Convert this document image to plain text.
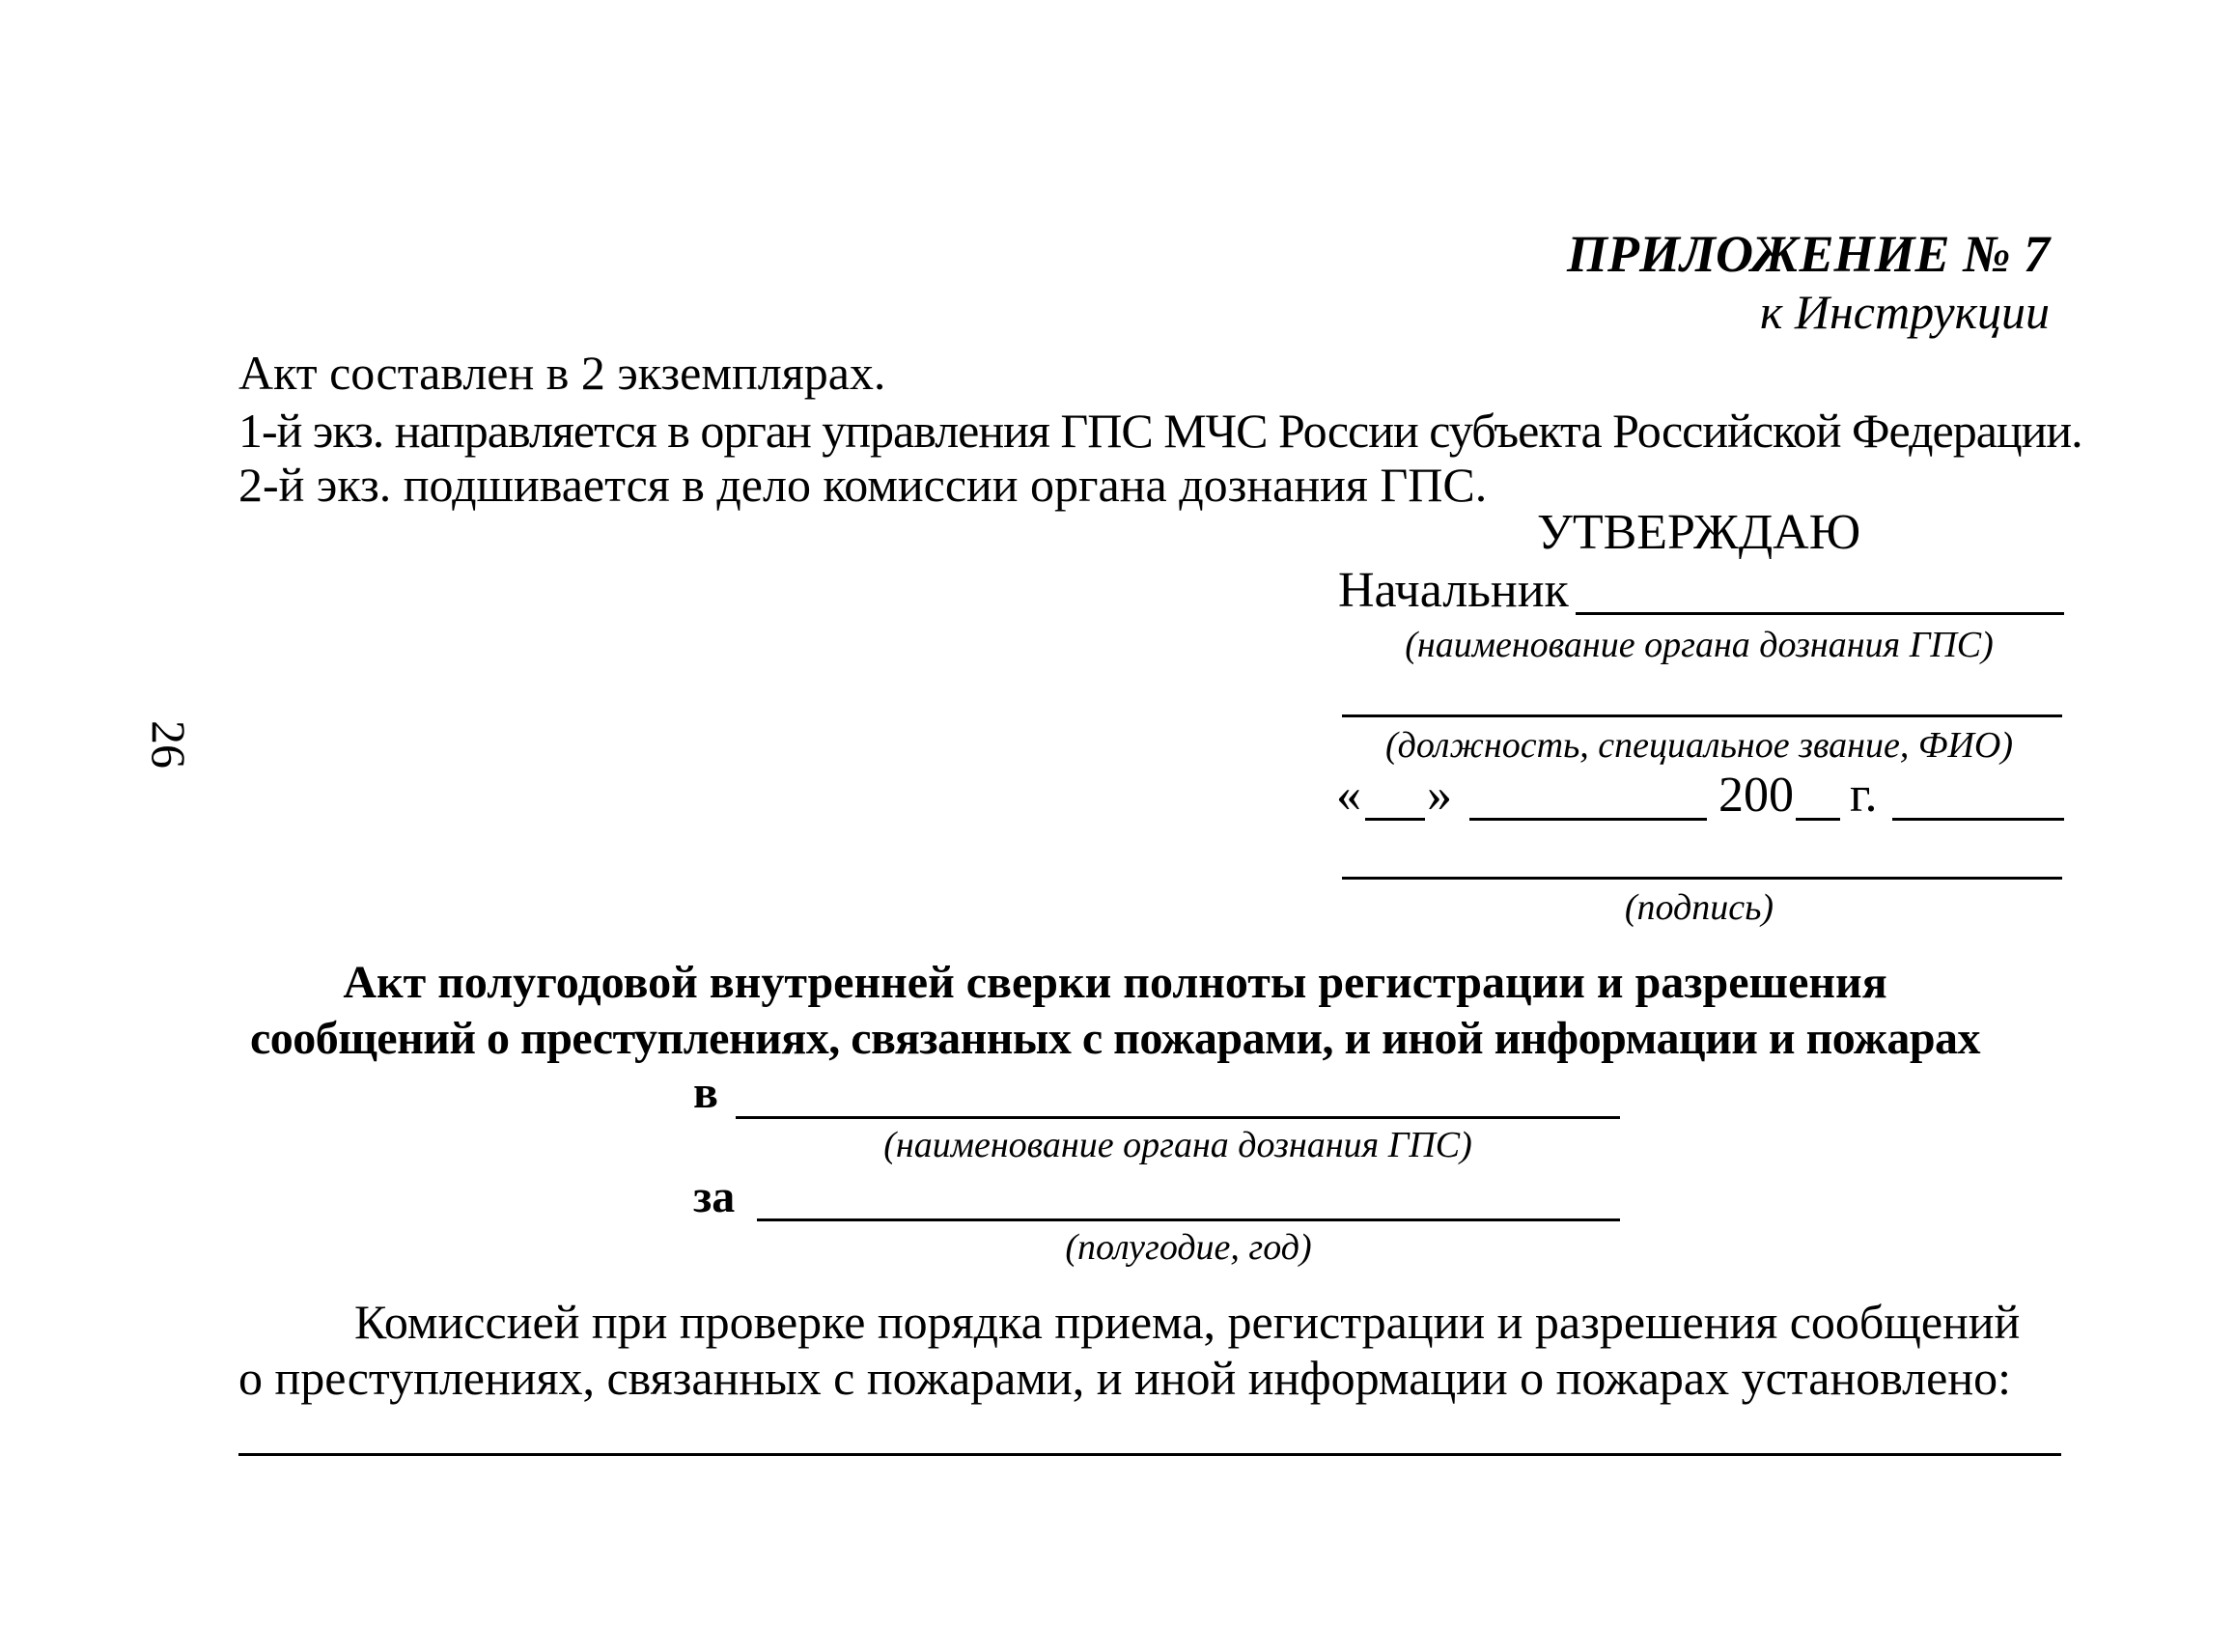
ПРИЛОЖЕНИЕ № 7
к Инструкции
Акт составлен в 2 экземплярах.
1-й экз. направляется в орган управления ГПС МЧС России субъекта Российской Федерации.
2-й экз. подшивается в дело комиссии органа дознания ГПС.
26
УТВЕРЖДАЮ
Начальник
(наименование органа дознания ГПС)
(должность, специальное звание, ФИО)
« »	200 г.
(подпись)
Акт полугодовой внутренней сверки полноты регистрации и разрешения
сообщений о преступлениях, связанных с пожарами, и иной информации и пожарах
в
(наименование органа дознания ГПС)
за
(полугодие, год)
Комиссией при проверке порядка приема, регистрации и разрешения сообщений
о преступлениях, связанных с пожарами, и иной информации о пожарах установлено:
